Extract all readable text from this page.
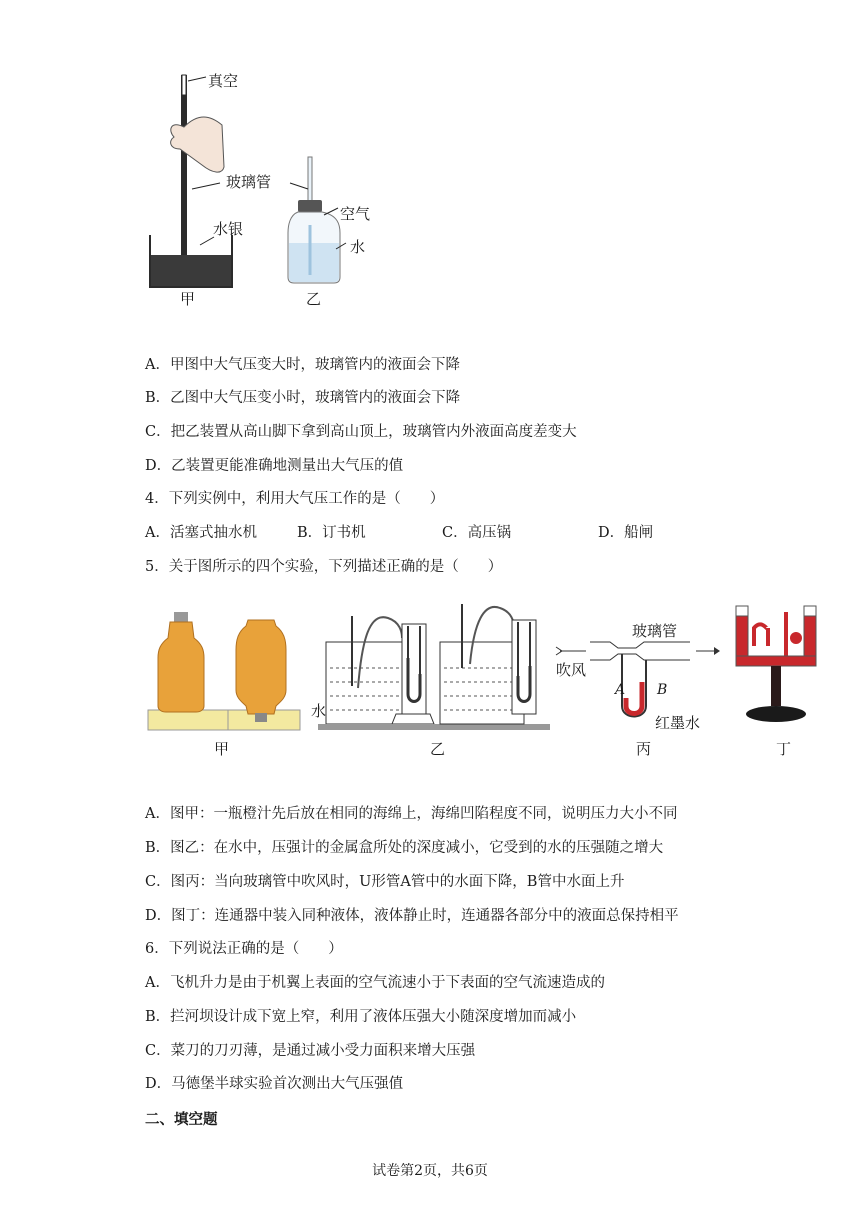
真空
玻璃管
水银
空气
水
甲	乙
A．甲图中大气压变大时，玻璃管内的液面会下降
B．乙图中大气压变小时，玻璃管内的液面会下降
C．把乙装置从高山脚下拿到高山顶上，玻璃管内外液面高度差变大
D．乙装置更能准确地测量出大气压的值
4．下列实例中，利用大气压工作的是（　　）
A．活塞式抽水机	B．订书机	C．高压锅	D．船闸
5．关于图所示的四个实验，下列描述正确的是（　　）
水
玻璃管
吹风
A B
红墨水
甲	乙	丙	丁
A．图甲：一瓶橙汁先后放在相同的海绵上，海绵凹陷程度不同，说明压力大小不同
B．图乙：在水中，压强计的金属盒所处的深度减小，它受到的水的压强随之增大
C．图丙：当向玻璃管中吹风时，U形管A管中的水面下降，B管中水面上升
D．图丁：连通器中装入同种液体，液体静止时，连通器各部分中的液面总保持相平
6．下列说法正确的是（　　）
A．飞机升力是由于机翼上表面的空气流速小于下表面的空气流速造成的
B．拦河坝设计成下宽上窄，利用了液体压强大小随深度增加而减小
C．菜刀的刀刃薄，是通过减小受力面积来增大压强
D．马德堡半球实验首次测出大气压强值
二、填空题
试卷第2页，共6页
